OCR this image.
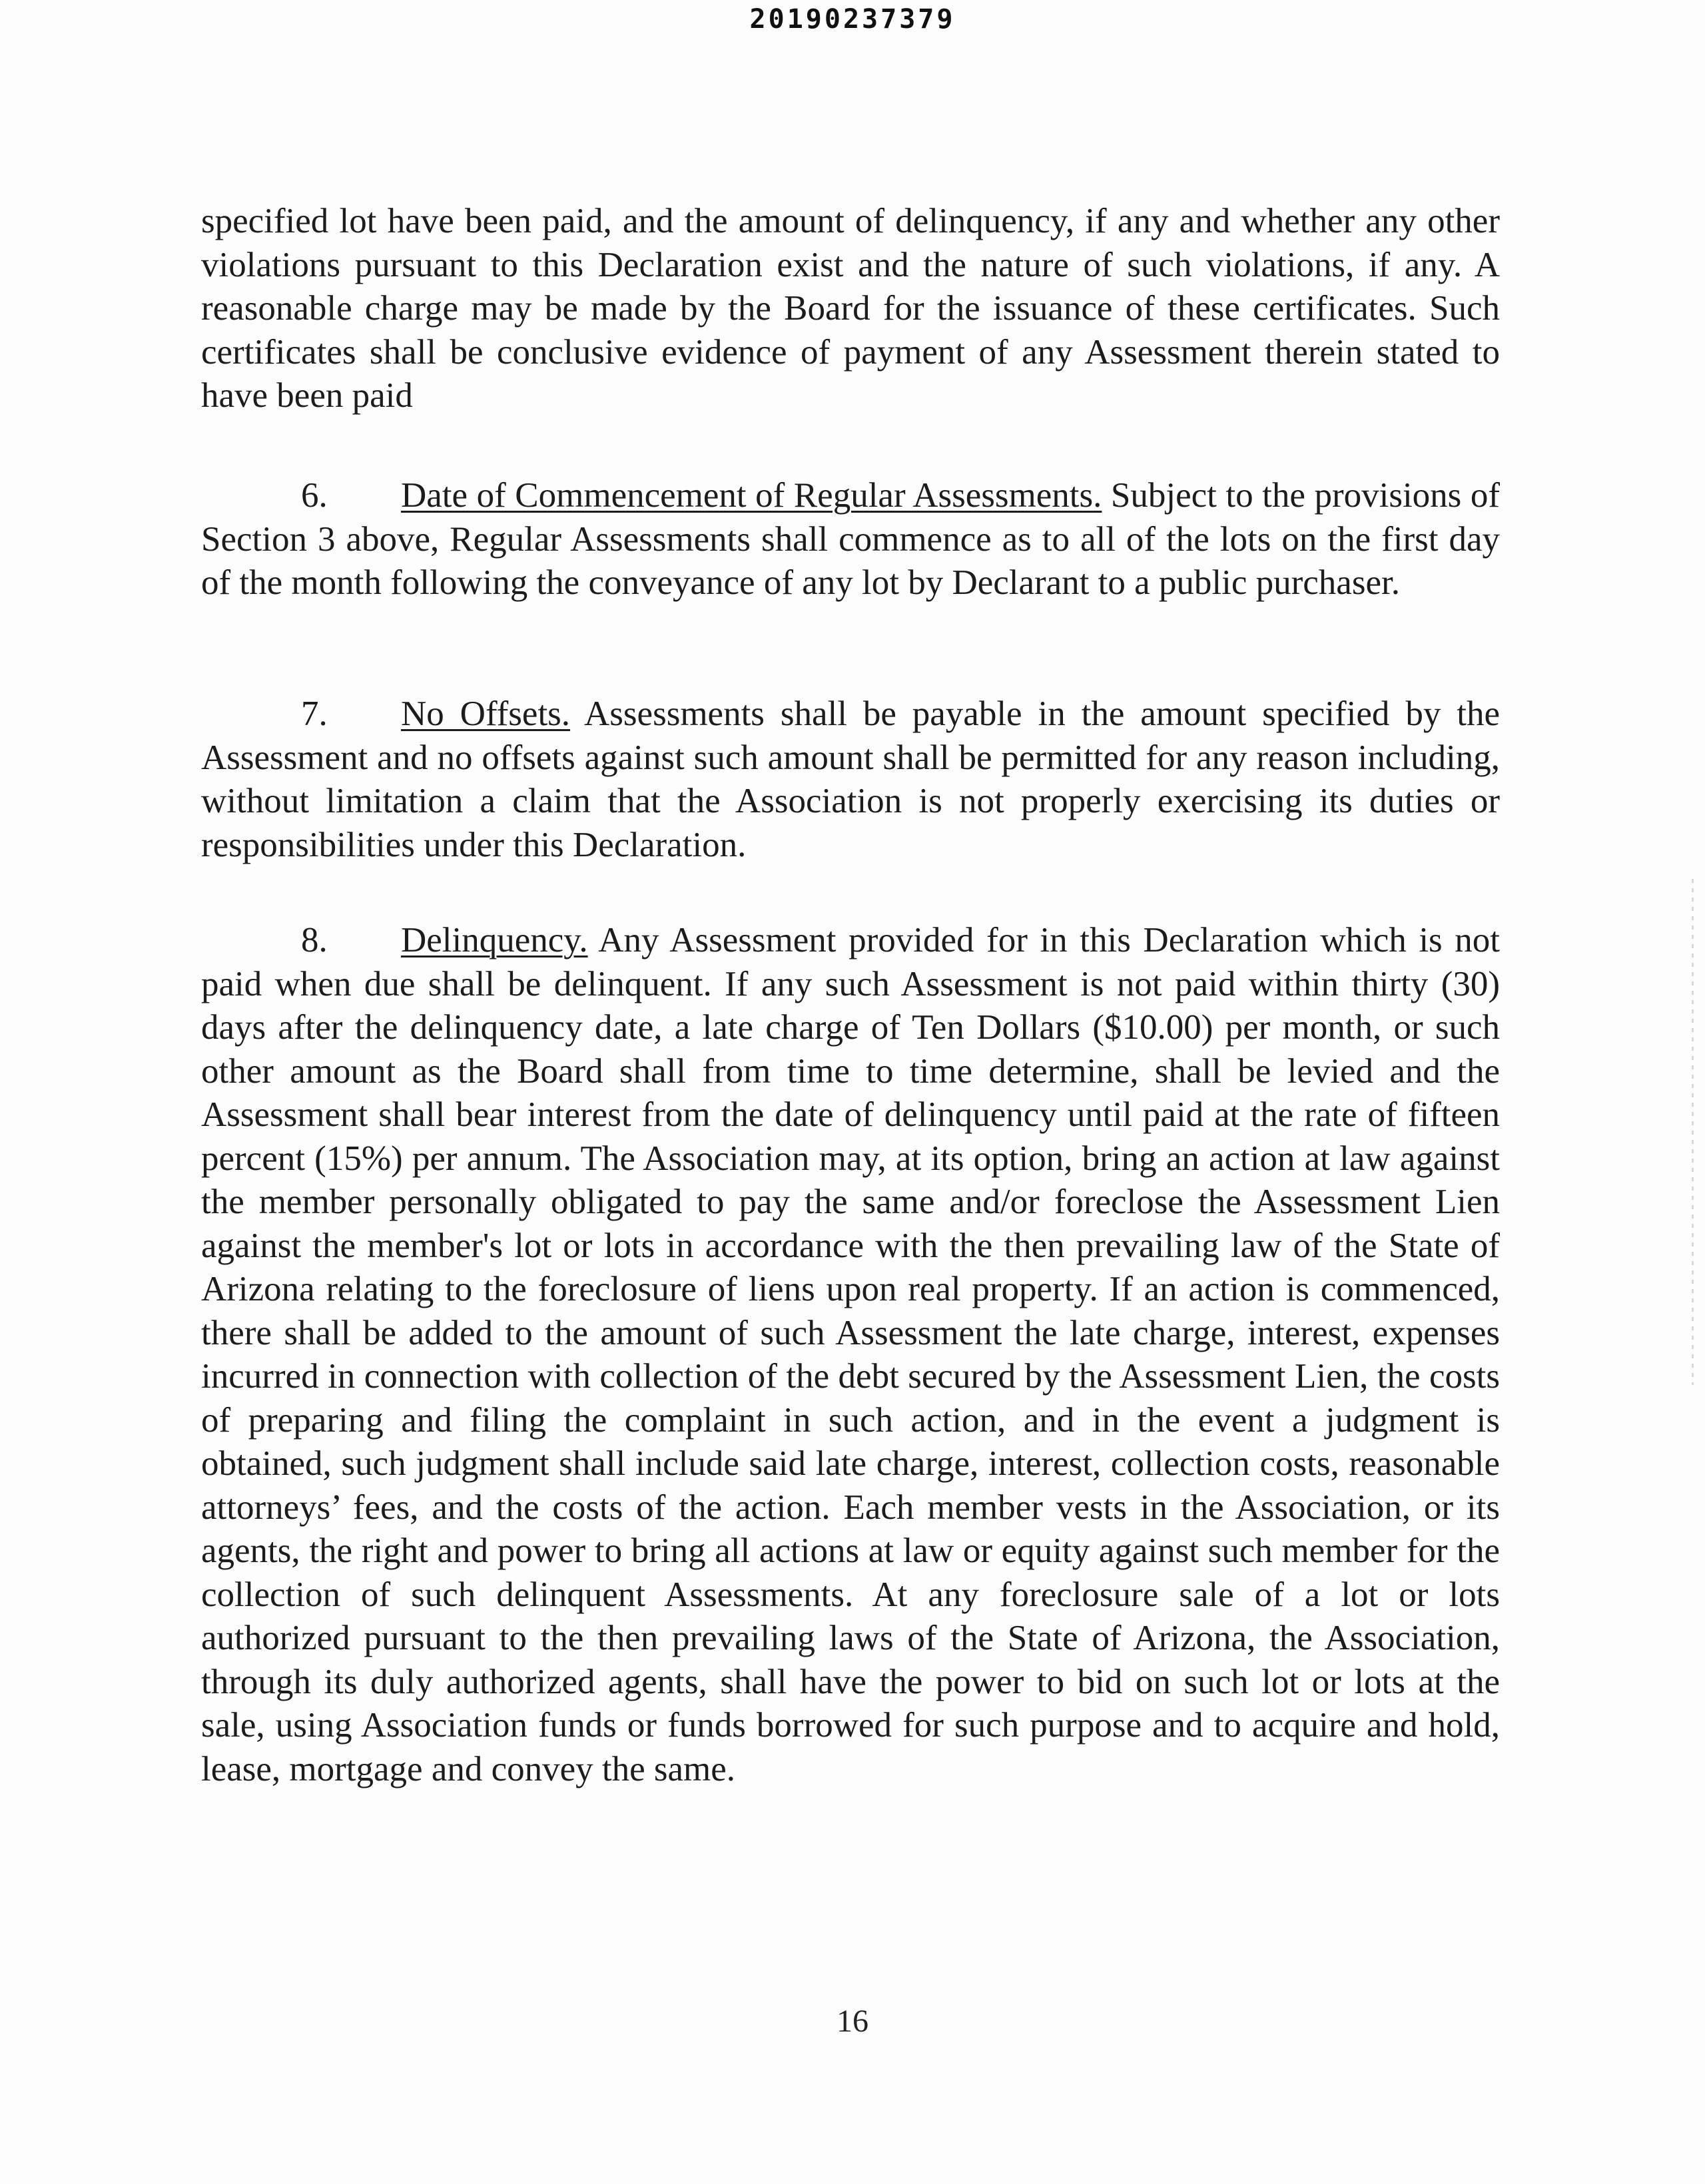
20190237379

specified lot have been paid, and the amount of delinquency, if any and whether any other violations pursuant to this Declaration exist and the nature of such violations, if any. A reasonable charge may be made by the Board for the issuance of these certificates. Such certificates shall be conclusive evidence of payment of any Assessment therein stated to have been paid

6. Date of Commencement of Regular Assessments. Subject to the provisions of Section 3 above, Regular Assessments shall commence as to all of the lots on the first day of the month following the conveyance of any lot by Declarant to a public purchaser.

7. No Offsets. Assessments shall be payable in the amount specified by the Assessment and no offsets against such amount shall be permitted for any reason including, without limitation a claim that the Association is not properly exercising its duties or responsibilities under this Declaration.

8. Delinquency. Any Assessment provided for in this Declaration which is not paid when due shall be delinquent. If any such Assessment is not paid within thirty (30) days after the delinquency date, a late charge of Ten Dollars ($10.00) per month, or such other amount as the Board shall from time to time determine, shall be levied and the Assessment shall bear interest from the date of delinquency until paid at the rate of fifteen percent (15%) per annum. The Association may, at its option, bring an action at law against the member personally obligated to pay the same and/or foreclose the Assessment Lien against the member's lot or lots in accordance with the then prevailing law of the State of Arizona relating to the foreclosure of liens upon real property. If an action is commenced, there shall be added to the amount of such Assessment the late charge, interest, expenses incurred in connection with collection of the debt secured by the Assessment Lien, the costs of preparing and filing the complaint in such action, and in the event a judgment is obtained, such judgment shall include said late charge, interest, collection costs, reasonable attorneys’ fees, and the costs of the action. Each member vests in the Association, or its agents, the right and power to bring all actions at law or equity against such member for the collection of such delinquent Assessments. At any foreclosure sale of a lot or lots authorized pursuant to the then prevailing laws of the State of Arizona, the Association, through its duly authorized agents, shall have the power to bid on such lot or lots at the sale, using Association funds or funds borrowed for such purpose and to acquire and hold, lease, mortgage and convey the same.

16
